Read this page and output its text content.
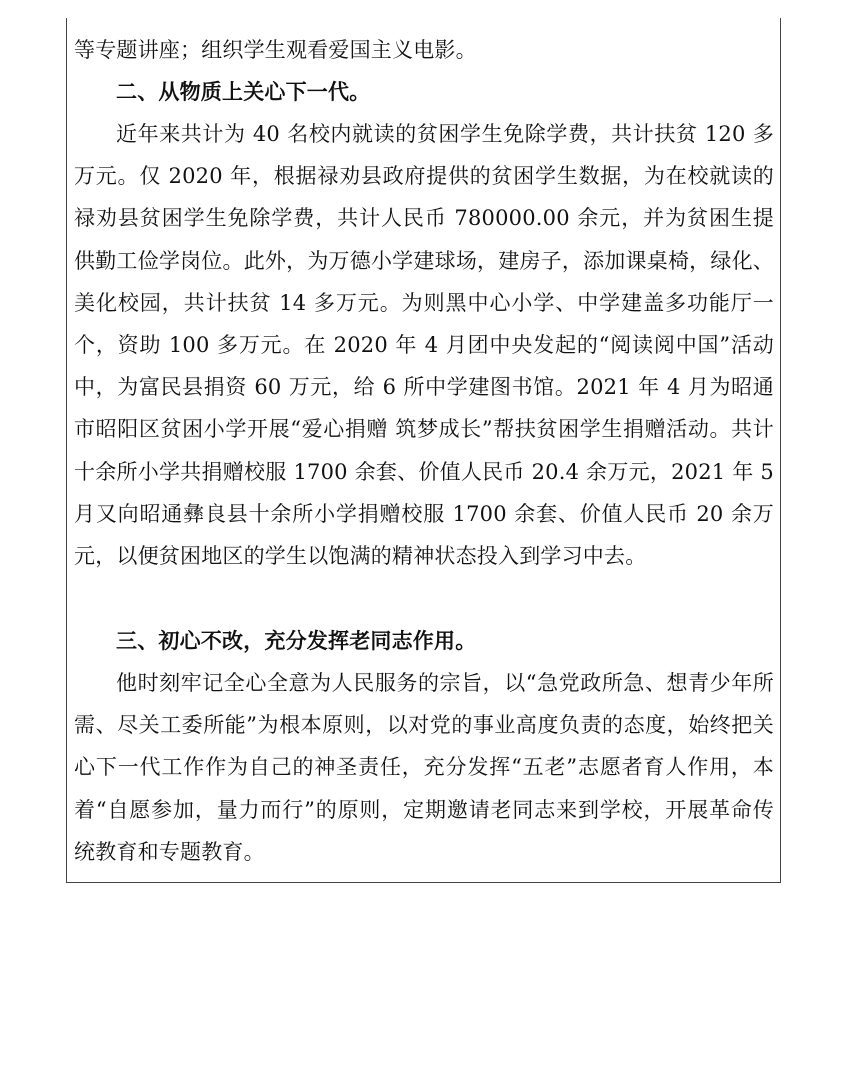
等专题讲座；组织学生观看爱国主义电影。

二、从物质上关心下一代。

近年来共计为 40 名校内就读的贫困学生免除学费，共计扶贫 120 多万元。仅 2020 年，根据禄劝县政府提供的贫困学生数据，为在校就读的禄劝县贫困学生免除学费，共计人民币 780000.00 余元，并为贫困生提供勤工俭学岗位。此外，为万德小学建球场，建房子，添加课桌椅，绿化、美化校园，共计扶贫 14 多万元。为则黑中心小学、中学建盖多功能厅一个，资助 100 多万元。在 2020 年 4 月团中央发起的“阅读阅中国”活动中，为富民县捐资 60 万元，给 6 所中学建图书馆。2021 年 4 月为昭通市昭阳区贫困小学开展“爱心捐赠 筑梦成长”帮扶贫困学生捐赠活动。共计十余所小学共捐赠校服 1700 余套、价值人民币 20.4 余万元，2021 年 5 月又向昭通彝良县十余所小学捐赠校服 1700 余套、价值人民币 20 余万元，以便贫困地区的学生以饱满的精神状态投入到学习中去。

三、初心不改，充分发挥老同志作用。

他时刻牢记全心全意为人民服务的宗旨，以“急党政所急、想青少年所需、尽关工委所能”为根本原则，以对党的事业高度负责的态度，始终把关心下一代工作作为自己的神圣责任，充分发挥“五老”志愿者育人作用，本着“自愿参加，量力而行”的原则，定期邀请老同志来到学校，开展革命传统教育和专题教育。
